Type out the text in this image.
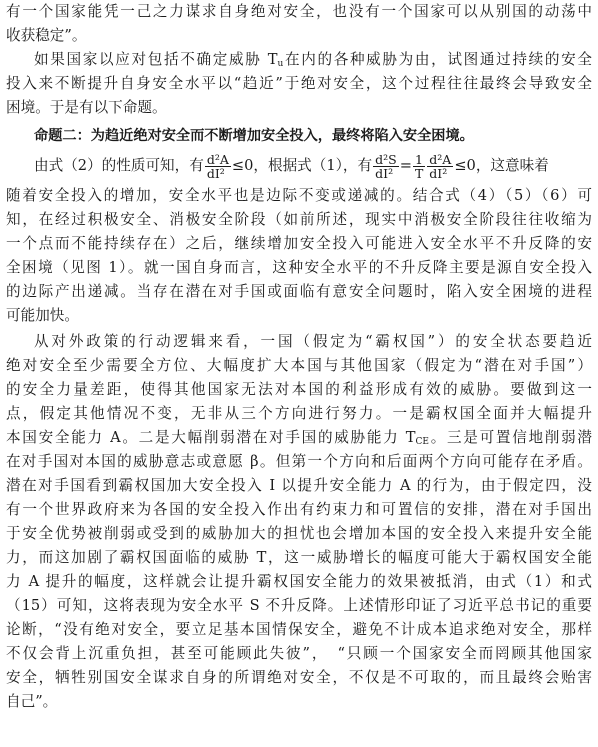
有一个国家能凭一己之力谋求自身绝对安全，也没有一个国家可以从别国的动荡中
收获稳定”。
如果国家以应对包括不确定威胁 $T_u$在内的各种威胁为由，试图通过持续的安全
投入来不断提升自身安全水平以“趋近”于绝对安全，这个过程往往最终会导致安全
困境。于是有以下命题。
命题二：为趋近绝对安全而不断增加安全投入，最终将陷入安全困境。
由式（2）的性质可知，有 $\frac{\text{d²A}}{\text{dI²}} \le 0$，根据式（1），有 $\frac{\text{d²S}}{\text{dI²}} = \frac{1}{T} \frac{\text{d²A}}{\text{dI²}} \le 0$，这意味着
随着安全投入的增加，安全水平也是边际不变或递减的。结合式（4）（5）（6）可
知，在经过积极安全、消极安全阶段（如前所述，现实中消极安全阶段往往收缩为
一个点而不能持续存在）之后，继续增加安全投入可能进入安全水平不升反降的安
全困境（见图 1）。就一国自身而言，这种安全水平的不升反降主要是源自安全投入
的边际产出递减。当存在潜在对手国或面临有意安全问题时，陷入安全困境的进程
可能加快。
从对外政策的行动逻辑来看，一国（假定为“霸权国”）的安全状态要趋近
绝对安全至少需要全方位、大幅度扩大本国与其他国家（假定为“潜在对手国”）
的安全力量差距，使得其他国家无法对本国的利益形成有效的威胁。要做到这一
点，假定其他情况不变，无非从三个方向进行努力。一是霸权国全面并大幅提升
本国安全能力 A。二是大幅削弱潜在对手国的威胁能力 $T_{CE}$。三是可置信地削弱潜
在对手国对本国的威胁意志或意愿 β。但第一个方向和后面两个方向可能存在矛盾。
潜在对手国看到霸权国加大安全投入 I 以提升安全能力 A 的行为，由于假定四，没
有一个世界政府来为各国的安全投入作出有约束力和可置信的安排，潜在对手国出
于安全优势被削弱或受到的威胁加大的担忧也会增加本国的安全投入来提升安全能
力，而这加剧了霸权国面临的威胁 T，这一威胁增长的幅度可能大于霸权国安全能
力 A 提升的幅度，这样就会让提升霸权国安全能力的效果被抵消，由式（1）和式
（15）可知，这将表现为安全水平 S 不升反降。上述情形印证了习近平总书记的重要
论断，“没有绝对安全，要立足基本国情保安全，避免不计成本追求绝对安全，那样
不仅会背上沉重负担，甚至可能顾此失彼”，　“只顾一个国家安全而罔顾其他国家
安全，牺牲别国安全谋求自身的所谓绝对安全，不仅是不可取的，而且最终会贻害
自己”。
